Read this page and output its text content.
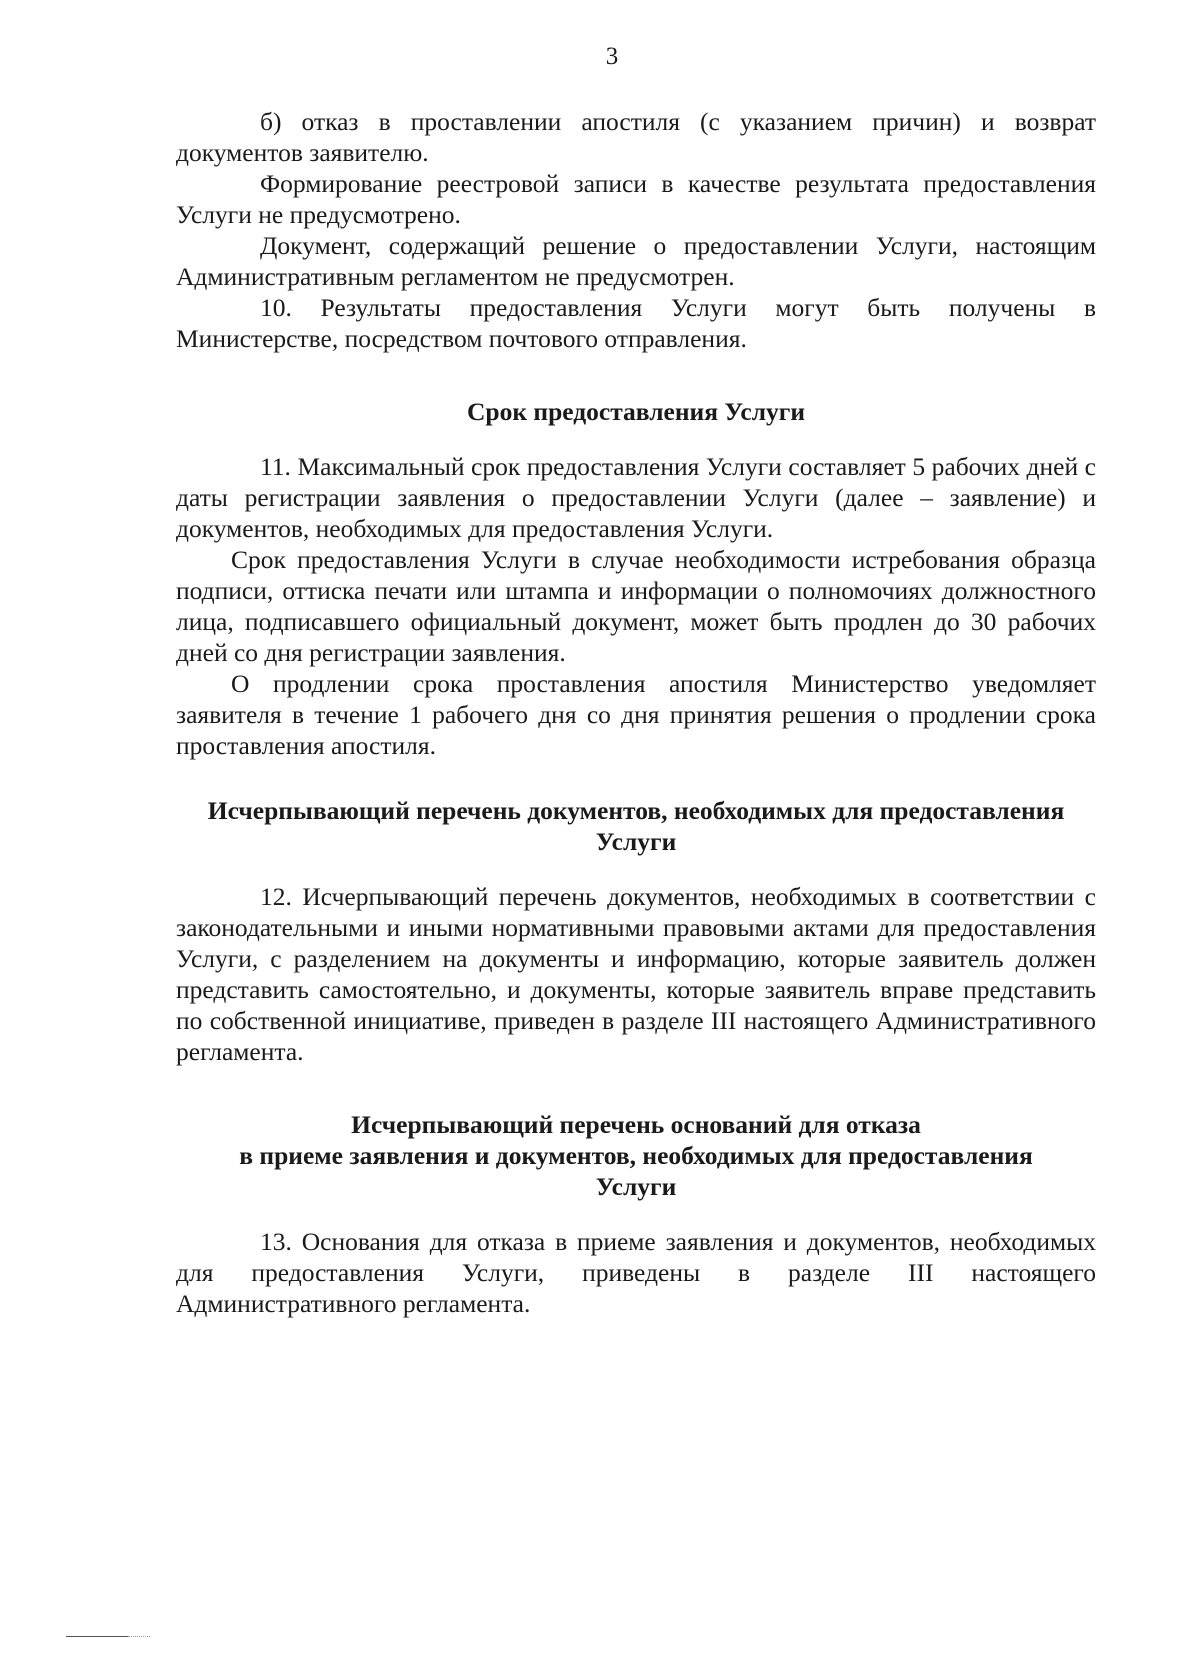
3

б) отказ в проставлении апостиля (с указанием причин) и возврат документов заявителю.

Формирование реестровой записи в качестве результата предоставления Услуги не предусмотрено.

Документ, содержащий решение о предоставлении Услуги, настоящим Административным регламентом не предусмотрен.

10. Результаты предоставления Услуги могут быть получены в Министерстве, посредством почтового отправления.

Срок предоставления Услуги

11. Максимальный срок предоставления Услуги составляет 5 рабочих дней с даты регистрации заявления о предоставлении Услуги (далее – заявление) и документов, необходимых для предоставления Услуги.

Срок предоставления Услуги в случае необходимости истребования образца подписи, оттиска печати или штампа и информации о полномочиях должностного лица, подписавшего официальный документ, может быть продлен до 30 рабочих дней со дня регистрации заявления.

О продлении срока проставления апостиля Министерство уведомляет заявителя в течение 1 рабочего дня со дня принятия решения о продлении срока проставления апостиля.

Исчерпывающий перечень документов, необходимых для предоставления
Услуги

12. Исчерпывающий перечень документов, необходимых в соответствии с законодательными и иными нормативными правовыми актами для предоставления Услуги, с разделением на документы и информацию, которые заявитель должен представить самостоятельно, и документы, которые заявитель вправе представить по собственной инициативе, приведен в разделе III настоящего Административного регламента.

Исчерпывающий перечень оснований для отказа
в приеме заявления и документов, необходимых для предоставления
Услуги

13. Основания для отказа в приеме заявления и документов, необходимых для предоставления Услуги, приведены в разделе III настоящего Административного регламента.
